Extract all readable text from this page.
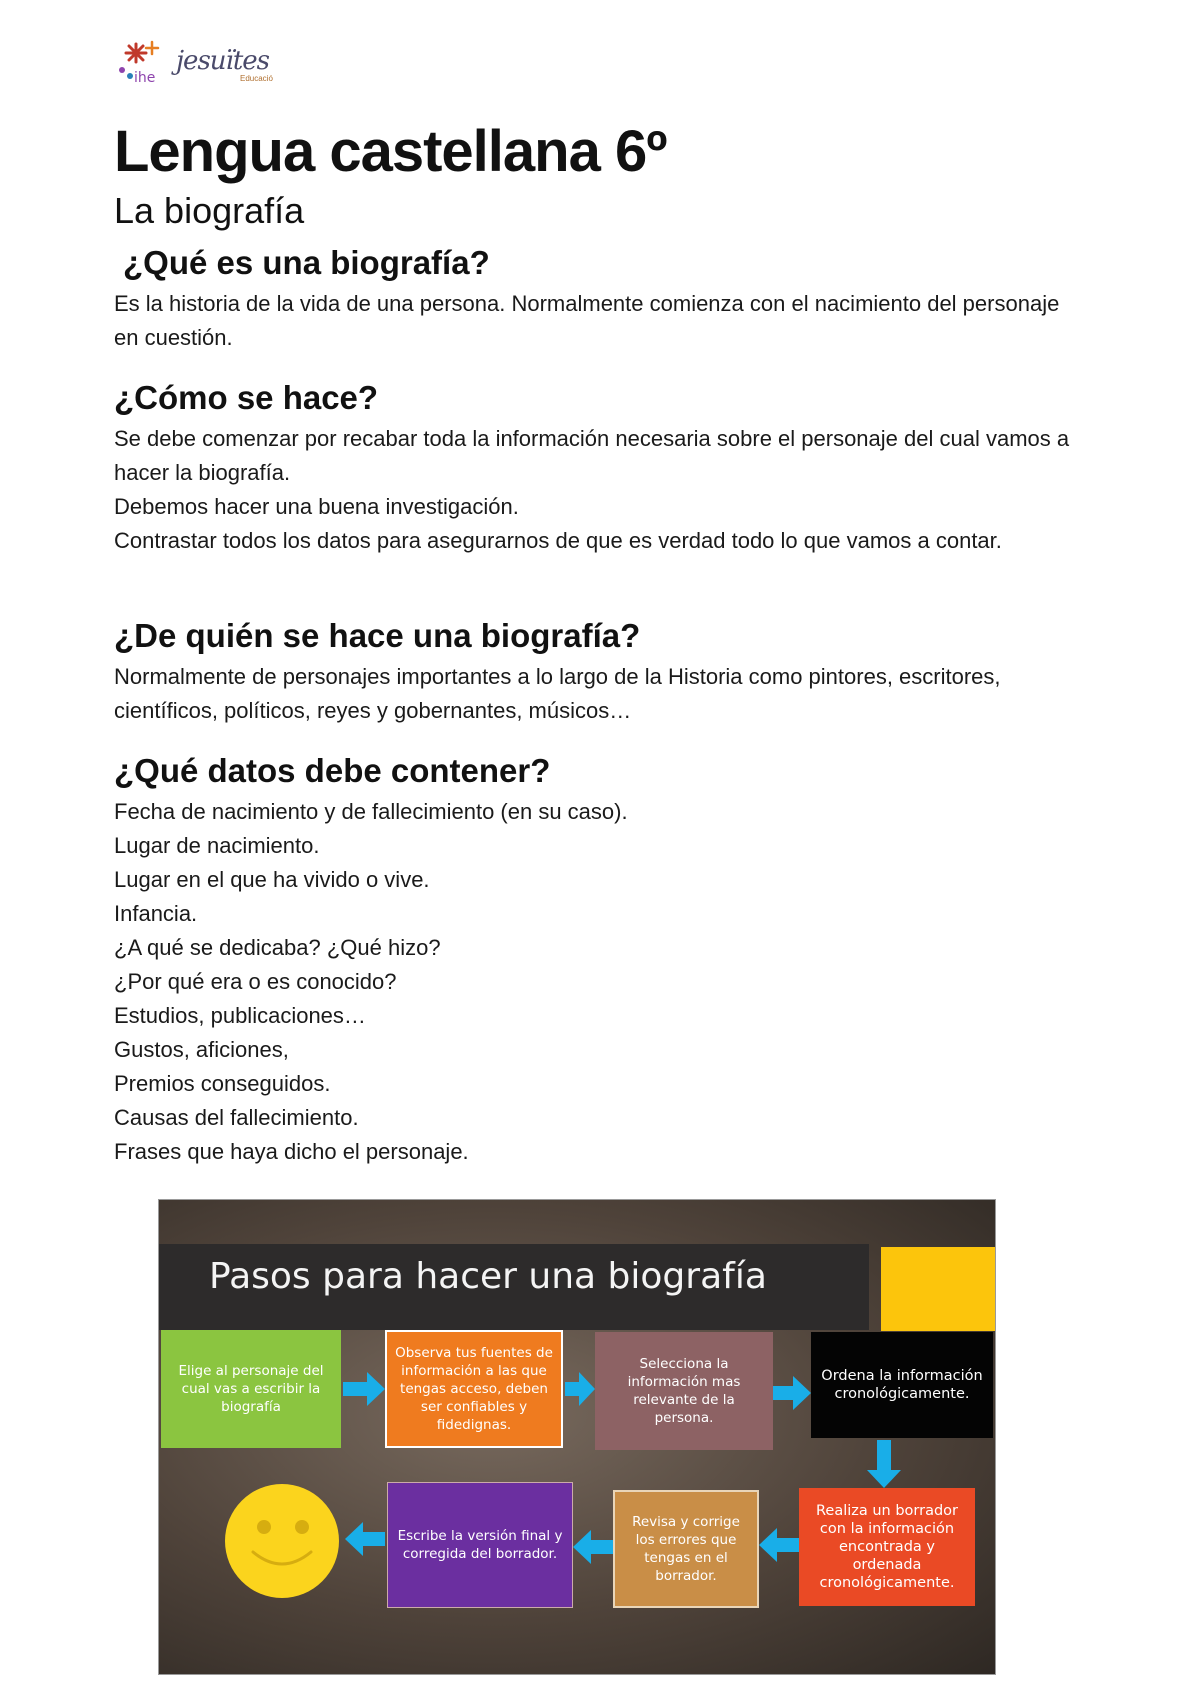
ihe
jesuïtes
Educació
Lengua castellana 6º
La biografía
¿Qué es una biografía?

Es la historia de la vida de una persona. Normalmente comienza con el nacimiento del personaje en cuestión.

¿Cómo se hace?

Se debe comenzar por recabar toda la información necesaria sobre el personaje del cual vamos a hacer la biografía.

Debemos hacer una buena investigación.

Contrastar todos los datos para asegurarnos de que es verdad todo lo que vamos a contar.

¿De quién se hace una biografía?

Normalmente de personajes importantes a lo largo de la Historia como pintores, escritores, científicos, políticos, reyes y gobernantes, músicos…

¿Qué datos debe contener?
Fecha de nacimiento y de fallecimiento (en su caso).
Lugar de nacimiento.
Lugar en el que ha vivido o vive.
Infancia.
¿A qué se dedicaba? ¿Qué hizo?
¿Por qué era o es conocido?
Estudios, publicaciones…
Gustos, aficiones,
Premios conseguidos.
Causas del fallecimiento.
Frases que haya dicho el personaje.
Pasos para hacer una biografía
Elige al personaje del cual vas a escribir la biografía
Observa tus fuentes de información a las que tengas acceso, deben ser confiables y fidedignas.
Selecciona la información mas relevante de la persona.
Ordena la información cronológicamente.
Realiza un borrador con la información encontrada y ordenada cronológicamente.
Revisa y corrige los errores que tengas en el borrador.
Escribe la versión final y corregida del borrador.
